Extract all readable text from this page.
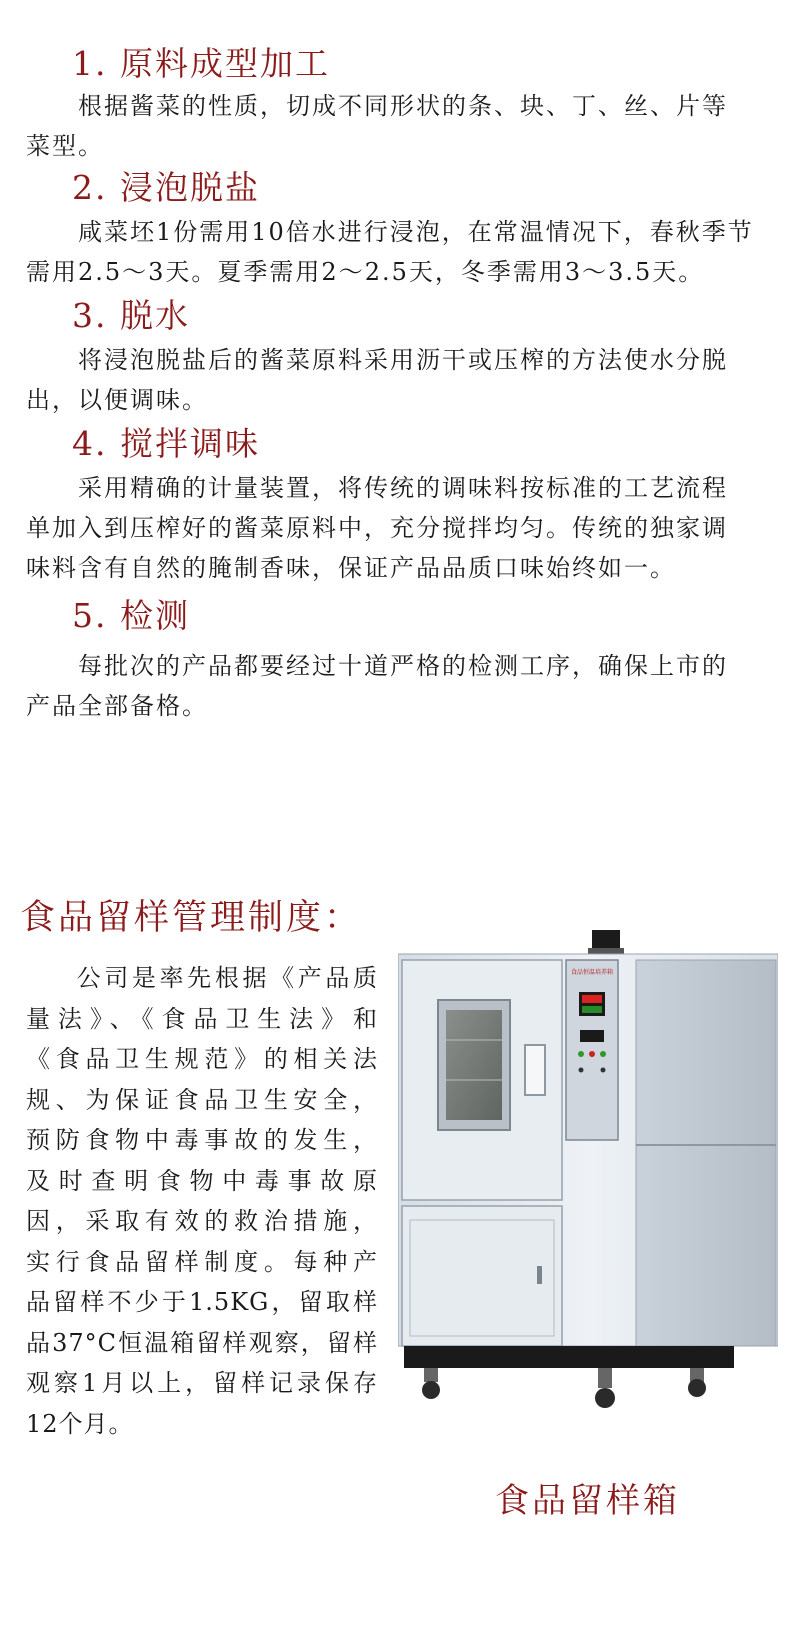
1. 原料成型加工
根据酱菜的性质，切成不同形状的条、块、丁、丝、片等
菜型。
2. 浸泡脱盐
咸菜坯1份需用10倍水进行浸泡，在常温情况下，春秋季节
需用2.5～3天。夏季需用2～2.5天，冬季需用3～3.5天。
3. 脱水
将浸泡脱盐后的酱菜原料采用沥干或压榨的方法使水分脱
出，以便调味。
4. 搅拌调味
采用精确的计量装置，将传统的调味料按标准的工艺流程
单加入到压榨好的酱菜原料中，充分搅拌均匀。传统的独家调
味料含有自然的腌制香味，保证产品品质口味始终如一。
5. 检测
每批次的产品都要经过十道严格的检测工序，确保上市的
产品全部备格。
食品留样管理制度：
公司是率先根据《产品质
量法》、《食品卫生法》和
《食品卫生规范》的相关法
规、为保证食品卫生安全，
预防食物中毒事故的发生，
及时查明食物中毒事故原
因，采取有效的救治措施，
实行食品留样制度。每种产
品留样不少于1.5KG，留取样
品37°C恒温箱留样观察，留样
观察1月以上，留样记录保存
12个月。
食品恒温培养箱
食品留样箱
